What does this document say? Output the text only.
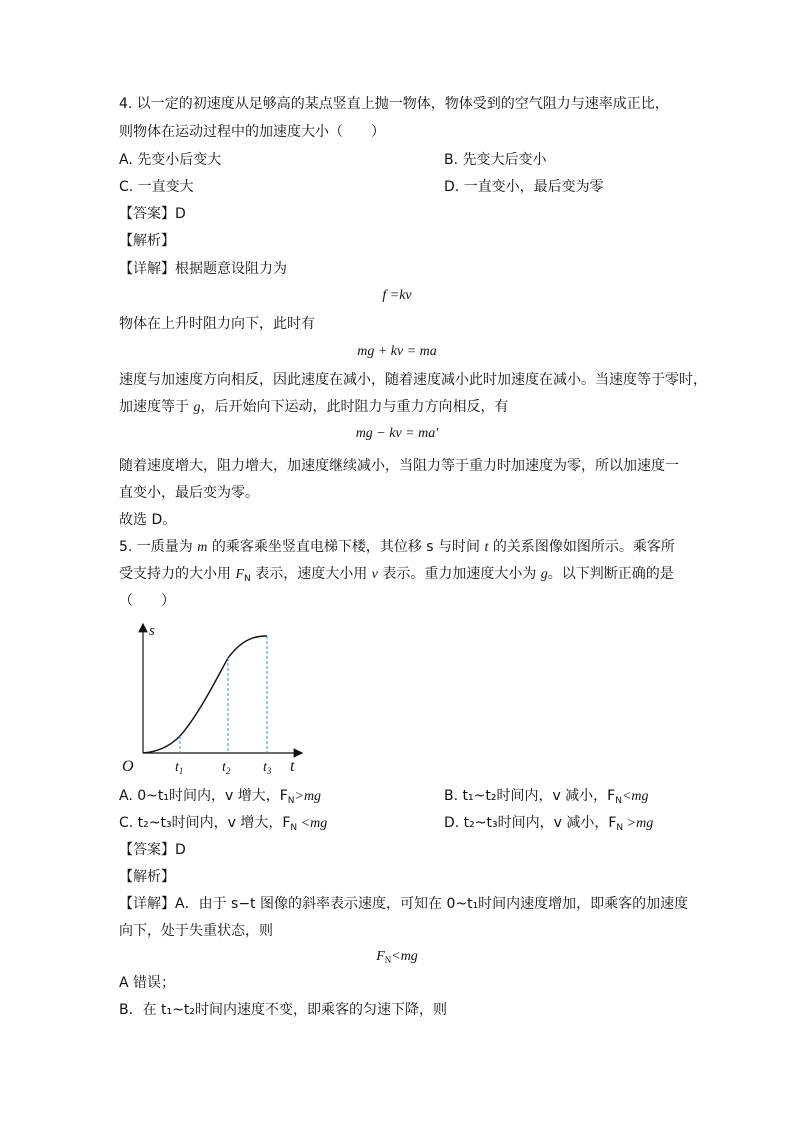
4. 以一定的初速度从足够高的某点竖直上抛一物体，物体受到的空气阻力与速率成正比，
则物体在运动过程中的加速度大小（　　）
A. 先变小后变大	B. 先变大后变小
C. 一直变大	D. 一直变小，最后变为零
【答案】D
【解析】
【详解】根据题意设阻力为
f =kv
物体在上升时阻力向下，此时有
mg + kv = ma
速度与加速度方向相反，因此速度在减小，随着速度减小此时加速度在减小。当速度等于零时，
加速度等于 g，后开始向下运动，此时阻力与重力方向相反，有
mg − kv = ma′
随着速度增大，阻力增大，加速度继续减小，当阻力等于重力时加速度为零，所以加速度一
直变小，最后变为零。
故选 D。
5. 一质量为 m 的乘客乘坐竖直电梯下楼，其位移 s 与时间 t 的关系图像如图所示。乘客所
受支持力的大小用 $F_N$ 表示，速度大小用 v 表示。重力加速度大小为 g。以下判断正确的是
（　　）
s
t
O	$t_1$	$t_2$ $t_3$
A. 0~t₁时间内，v 增大，$F_N>mg$	B. t₁~t₂时间内，v 减小，$F_N<mg$
C. t₂~t₃时间内，v 增大，$F_N <mg$	D. t₂~t₃时间内，v 减小，$F_N >mg$
【答案】D
【解析】
【详解】A．由于 s−t 图像的斜率表示速度，可知在 0~t₁时间内速度增加，即乘客的加速度
向下，处于失重状态，则
$F_N<mg$
A 错误；
B．在 t₁~t₂时间内速度不变，即乘客的匀速下降，则
